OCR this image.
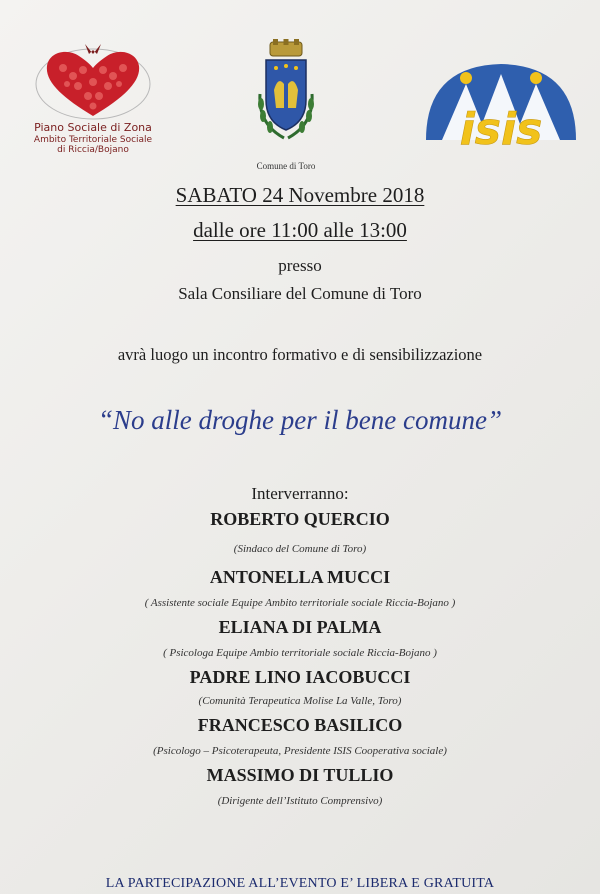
Piano Sociale di Zona
Ambito Territoriale Sociale
di Riccia/Bojano
Comune di Toro
isis
SABATO 24 Novembre 2018
dalle ore 11:00 alle 13:00
presso
Sala Consiliare del Comune di Toro
avrà luogo un incontro formativo e di sensibilizzazione
“No alle droghe per il bene comune”
Interverranno:
ROBERTO QUERCIO
(Sindaco del Comune di Toro)
ANTONELLA MUCCI
( Assistente sociale Equipe Ambito territoriale sociale Riccia-Bojano )
ELIANA DI PALMA
( Psicologa Equipe Ambio territoriale sociale Riccia-Bojano )
PADRE LINO IACOBUCCI
(Comunità Terapeutica Molise La Valle, Toro)
FRANCESCO BASILICO
(Psicologo – Psicoterapeuta, Presidente ISIS Cooperativa sociale)
MASSIMO DI TULLIO
(Dirigente dell’Istituto Comprensivo)
LA PARTECIPAZIONE ALL’EVENTO E’ LIBERA E GRATUITA
